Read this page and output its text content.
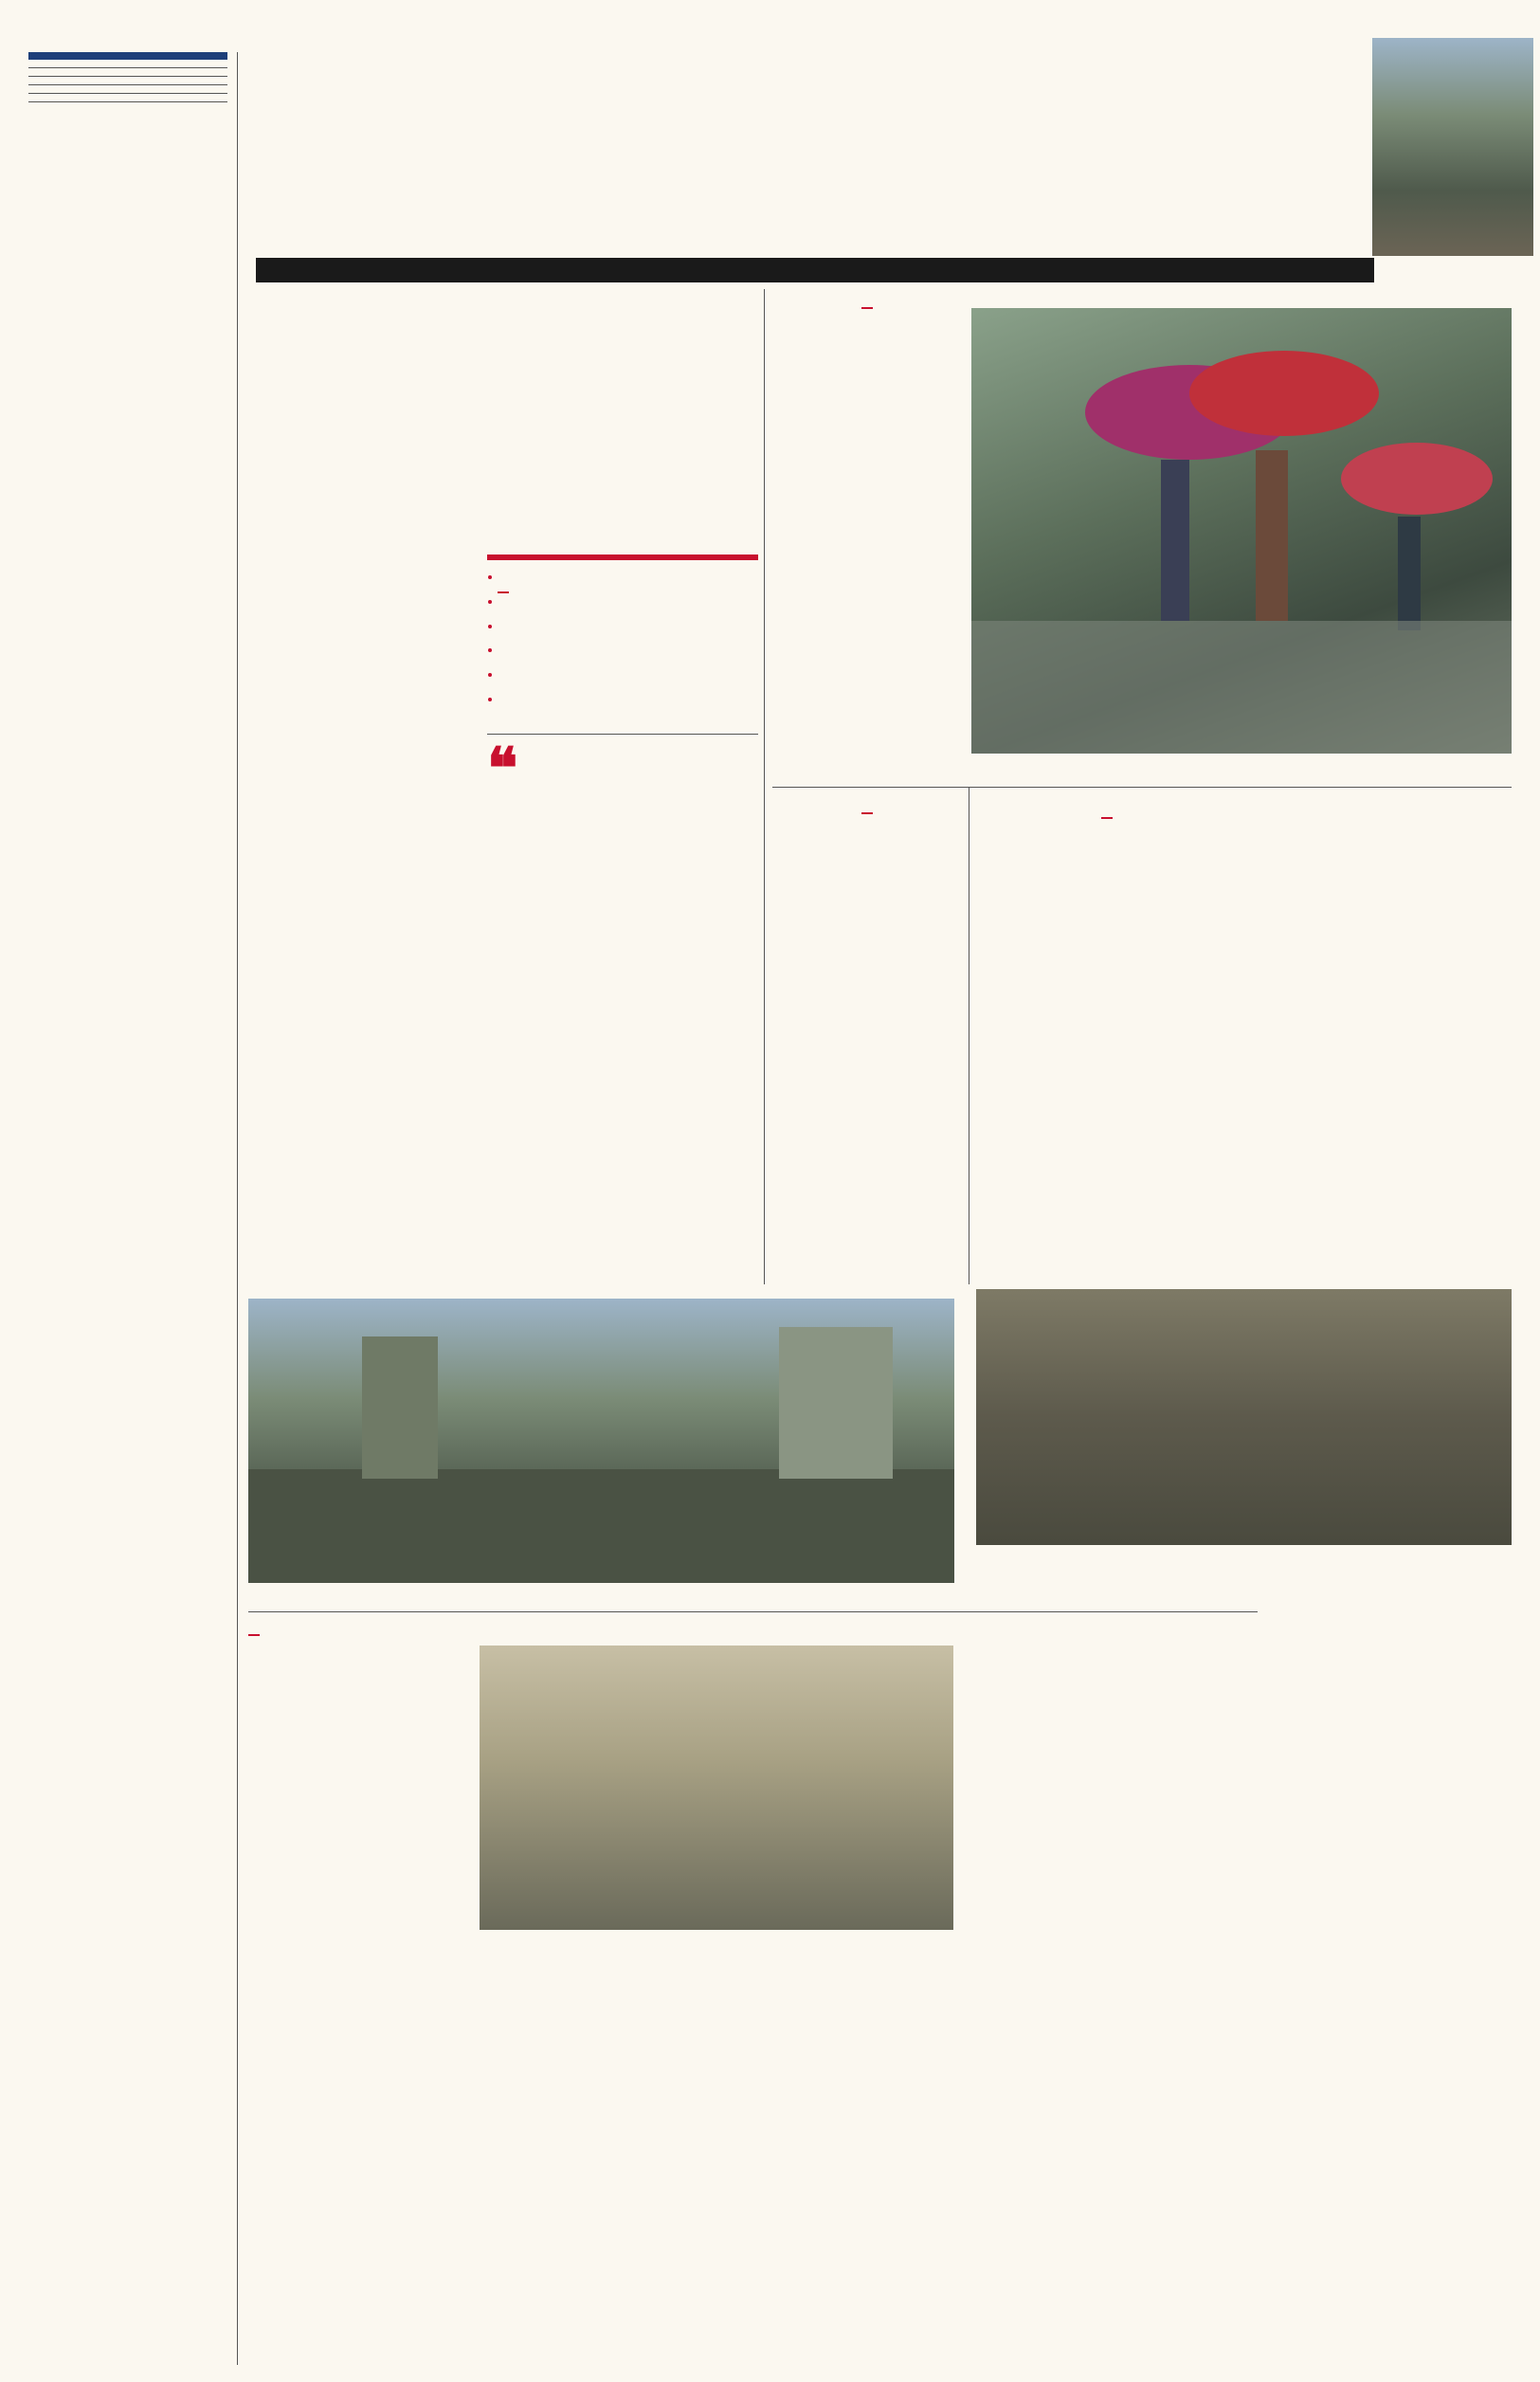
•
•
•
•
•
•
❝
